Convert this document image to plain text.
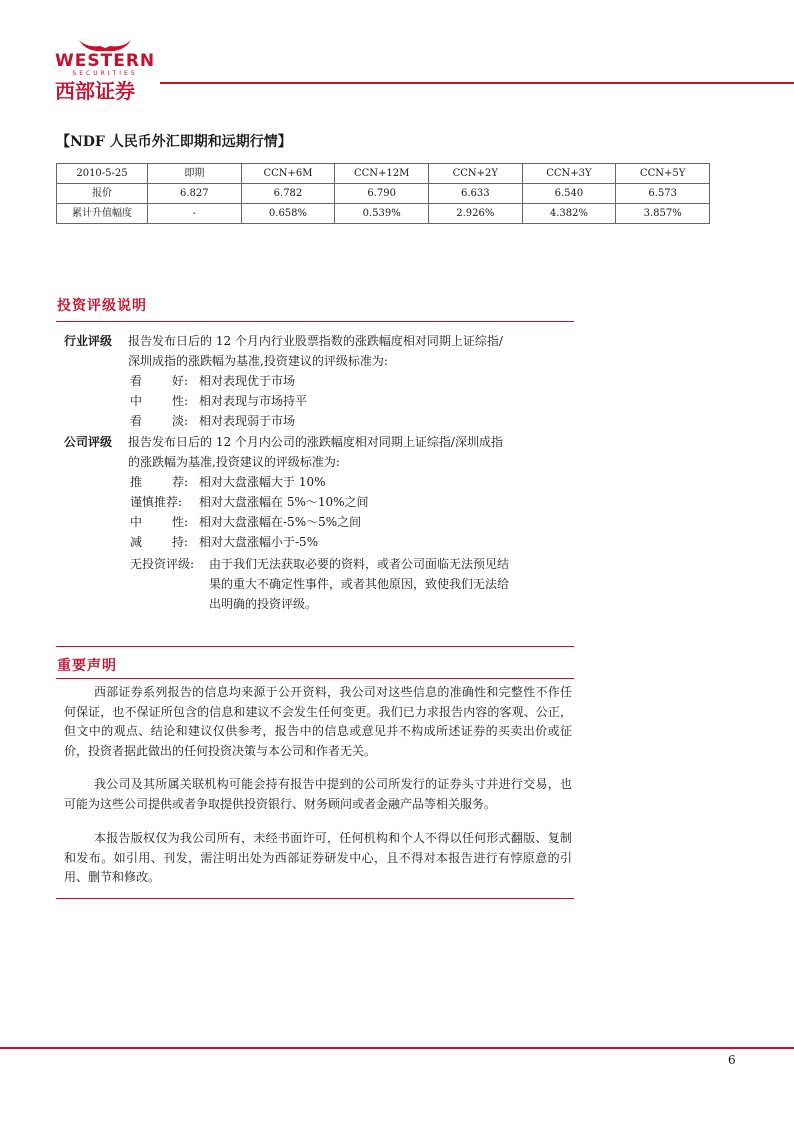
WESTERN
SECURITIES
西部证券
【NDF 人民币外汇即期和远期行情】
2010-5-25	即期	CCN+6M	CCN+12M	CCN+2Y	CCN+3Y	CCN+5Y
报价	6.827	6.782	6.790	6.633	6.540	6.573
累计升值幅度	-	0.658%	0.539%	2.926%	4.382%	3.857%
投资评级说明
行业评级 报告发布日后的 12 个月内行业股票指数的涨跌幅度相对同期上证综指/
深圳成指的涨跌幅为基准,投资建议的评级标准为:
看 好: 相对表现优于市场
中 性: 相对表现与市场持平
看 淡: 相对表现弱于市场
公司评级 报告发布日后的 12 个月内公司的涨跌幅度相对同期上证综指/深圳成指
的涨跌幅为基准,投资建议的评级标准为:
推 荐: 相对大盘涨幅大于 10%
谨慎推荐: 相对大盘涨幅在 5%～10%之间
中 性: 相对大盘涨幅在-5%～5%之间
减 持: 相对大盘涨幅小于-5%
无投资评级: 由于我们无法获取必要的资料，或者公司面临无法预见结
果的重大不确定性事件，或者其他原因，致使我们无法给
出明确的投资评级。
重要声明

西部证券系列报告的信息均来源于公开资料，我公司对这些信息的准确性和完整性不作任何保证，也不保证所包含的信息和建议不会发生任何变更。我们已力求报告内容的客观、公正，但文中的观点、结论和建议仅供参考，报告中的信息或意见并不构成所述证券的买卖出价或征价，投资者据此做出的任何投资决策与本公司和作者无关。

我公司及其所属关联机构可能会持有报告中提到的公司所发行的证券头寸并进行交易，也可能为这些公司提供或者争取提供投资银行、财务顾问或者金融产品等相关服务。

本报告版权仅为我公司所有，未经书面许可，任何机构和个人不得以任何形式翻版、复制和发布。如引用、刊发，需注明出处为西部证券研发中心，且不得对本报告进行有悖原意的引用、删节和修改。

6
